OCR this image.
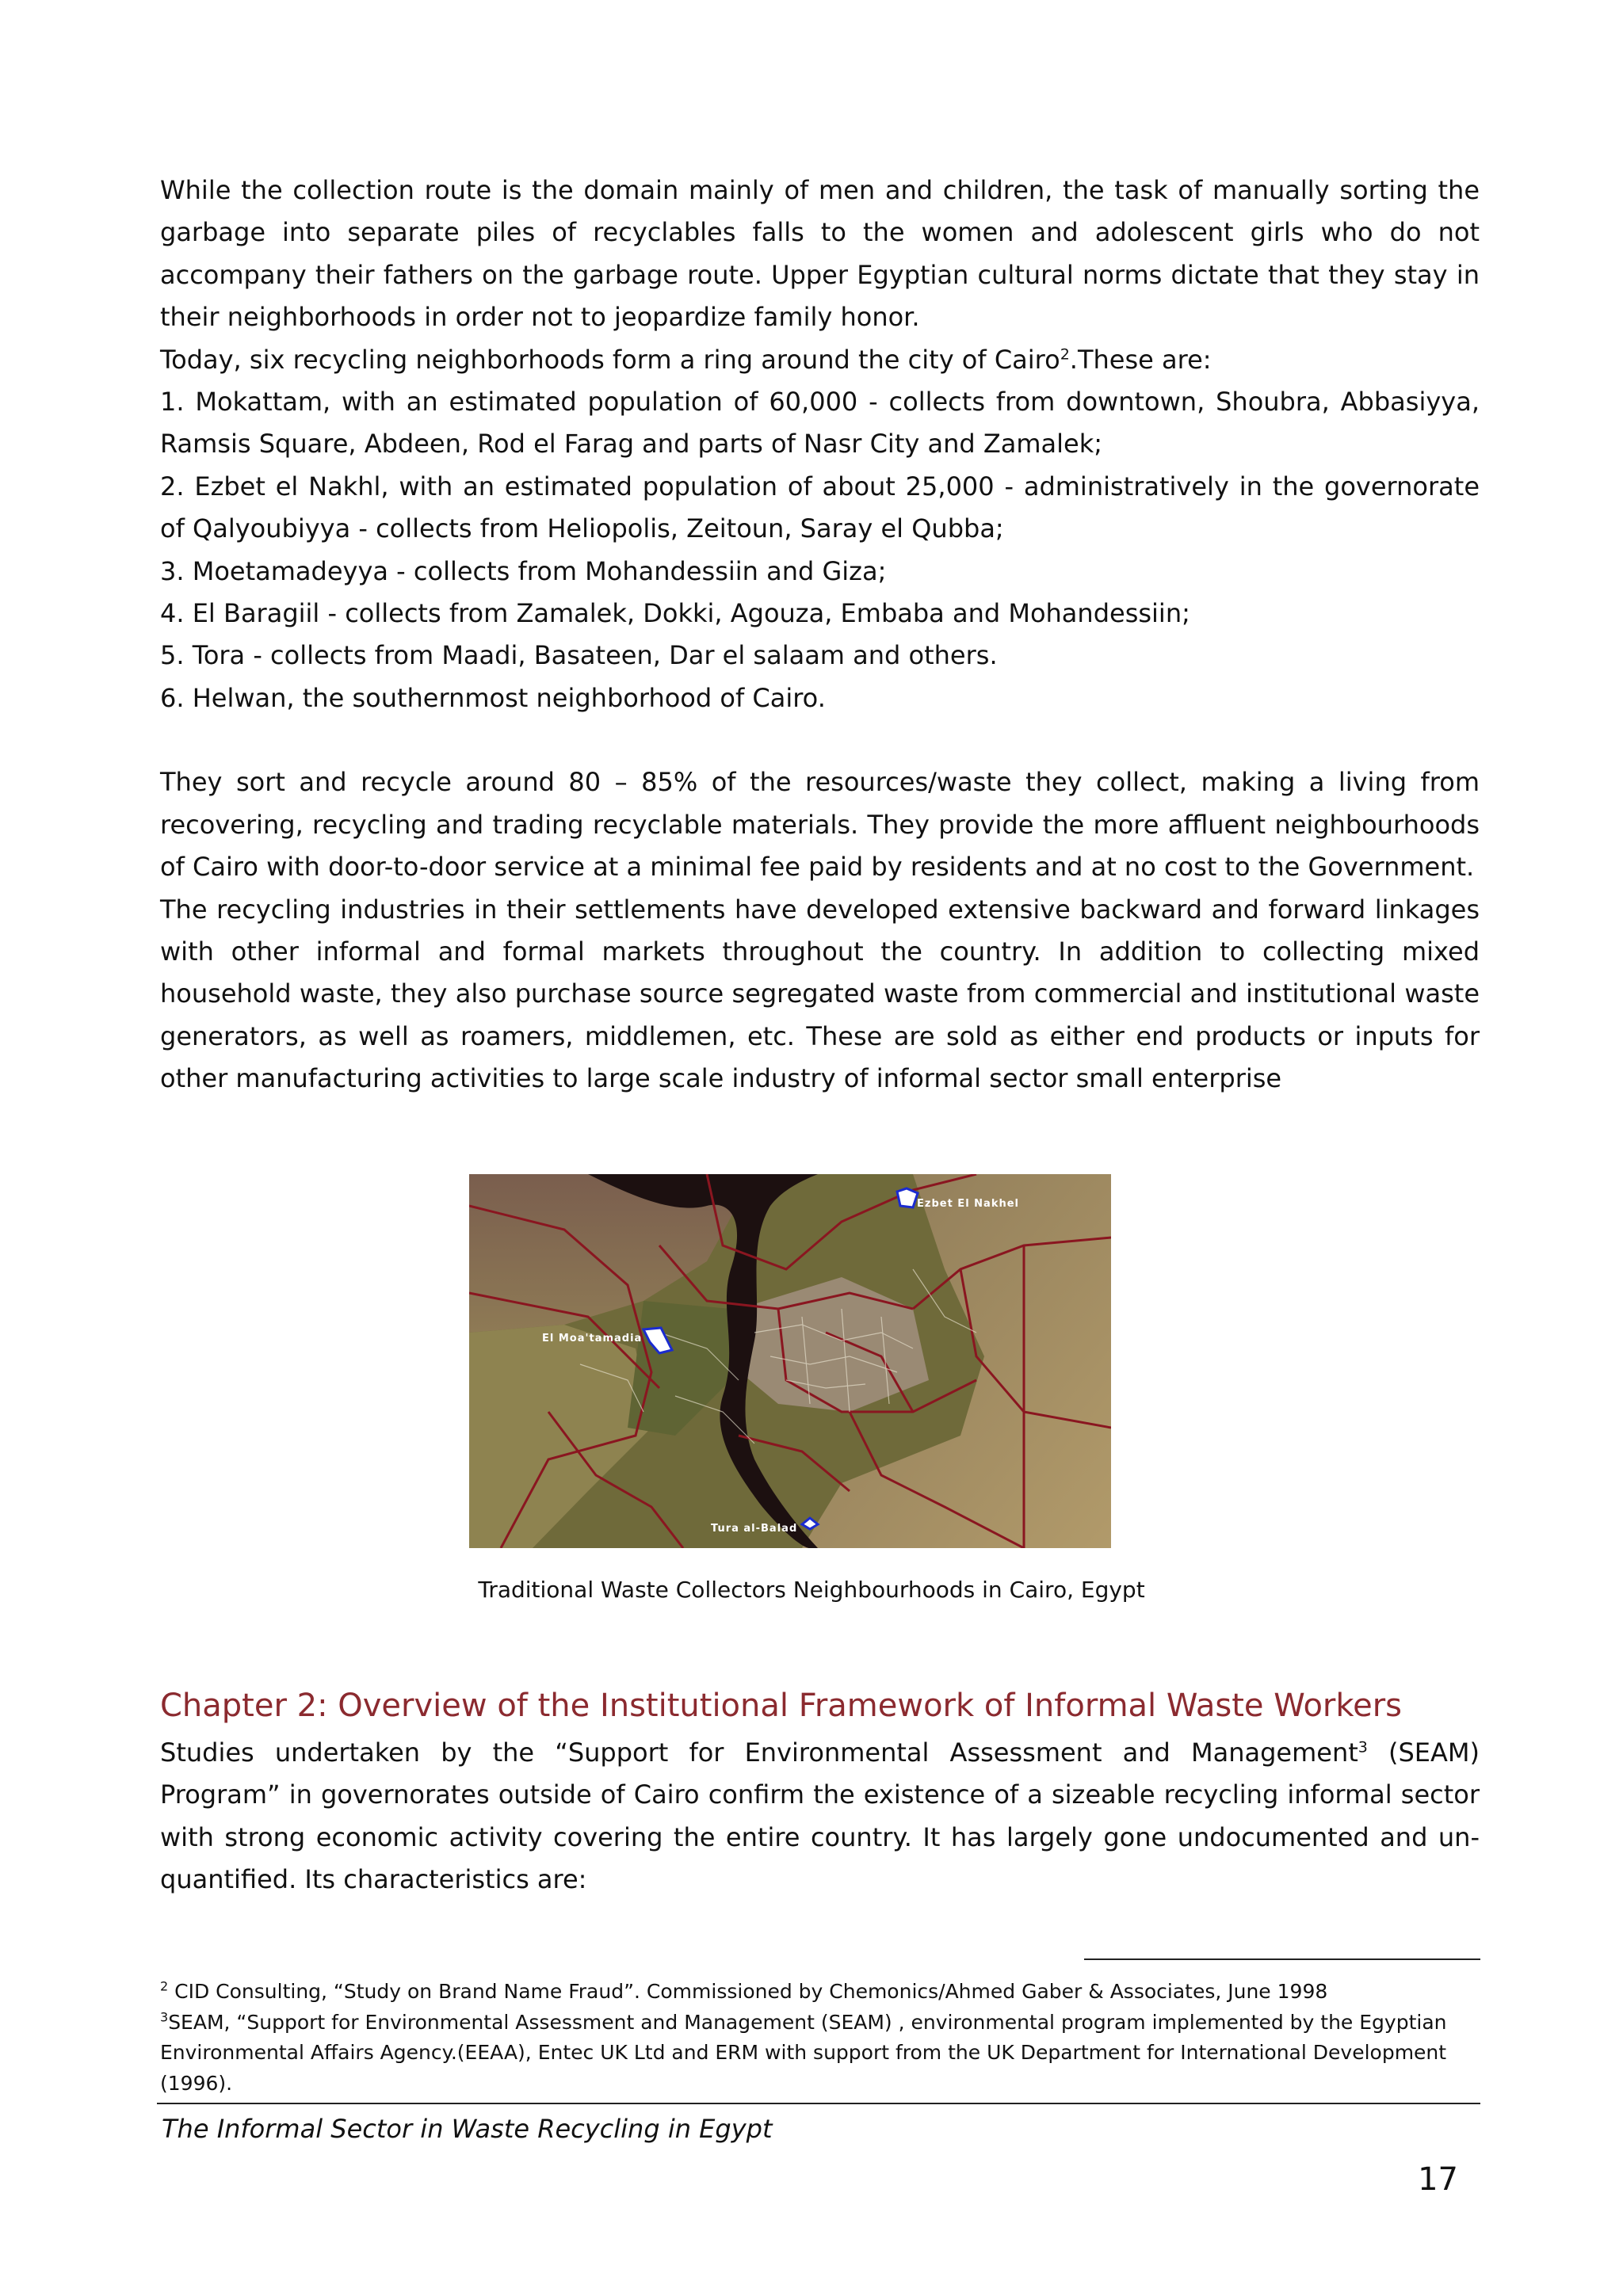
While the collection route is the domain mainly of men and children, the task of manually sorting the garbage into separate piles of recyclables falls to the women and adolescent girls who do not accompany their fathers on the garbage route. Upper Egyptian cultural norms dictate that they stay in their neighborhoods in order not to jeopardize family honor.

Today, six recycling neighborhoods form a ring around the city of Cairo$^2$.These are:

1. Mokattam, with an estimated population of 60,000 - collects from downtown, Shoubra, Abbasiyya, Ramsis Square, Abdeen, Rod el Farag and parts of Nasr City and Zamalek;

2. Ezbet el Nakhl, with an estimated population of about 25,000 - administratively in the governorate of Qalyoubiyya - collects from Heliopolis, Zeitoun, Saray el Qubba;

3. Moetamadeyya - collects from Mohandessiin and Giza;

4. El Baragiil - collects from Zamalek, Dokki, Agouza, Embaba and Mohandessiin;

5. Tora - collects from Maadi, Basateen, Dar el salaam and others.

6. Helwan, the southernmost neighborhood of Cairo.

They sort and recycle around 80 – 85% of the resources/waste they collect, making a living from recovering, recycling and trading recyclable materials. They provide the more affluent neighbourhoods of Cairo with door-to-door service at a minimal fee paid by residents and at no cost to the Government.

The recycling industries in their settlements have developed extensive backward and forward linkages with other informal and formal markets throughout the country. In addition to collecting mixed household waste, they also purchase source segregated waste from commercial and institutional waste generators, as well as roamers, middlemen, etc. These are sold as either end products or inputs for other manufacturing activities to large scale industry of informal sector small enterprise

Ezbet El Nakhel
El Moa'tamadia
Tura al-Balad
Traditional Waste Collectors Neighbourhoods in Cairo, Egypt
Chapter 2: Overview of the Institutional Framework of Informal Waste Workers

Studies undertaken by the “Support for Environmental Assessment and Management$^3$ (SEAM) Program” in governorates outside of Cairo confirm the existence of a sizeable recycling informal sector with strong economic activity covering the entire country. It has largely gone undocumented and un-quantified. Its characteristics are:

$^2$ CID Consulting, “Study on Brand Name Fraud”. Commissioned by Chemonics/Ahmed Gaber & Associates, June 1998

$^3$SEAM, “Support for Environmental Assessment and Management (SEAM) , environmental program implemented by the Egyptian Environmental Affairs Agency.(EEAA), Entec UK Ltd and ERM with support from the UK Department for International Development (1996).

The Informal Sector in Waste Recycling in Egypt
17
